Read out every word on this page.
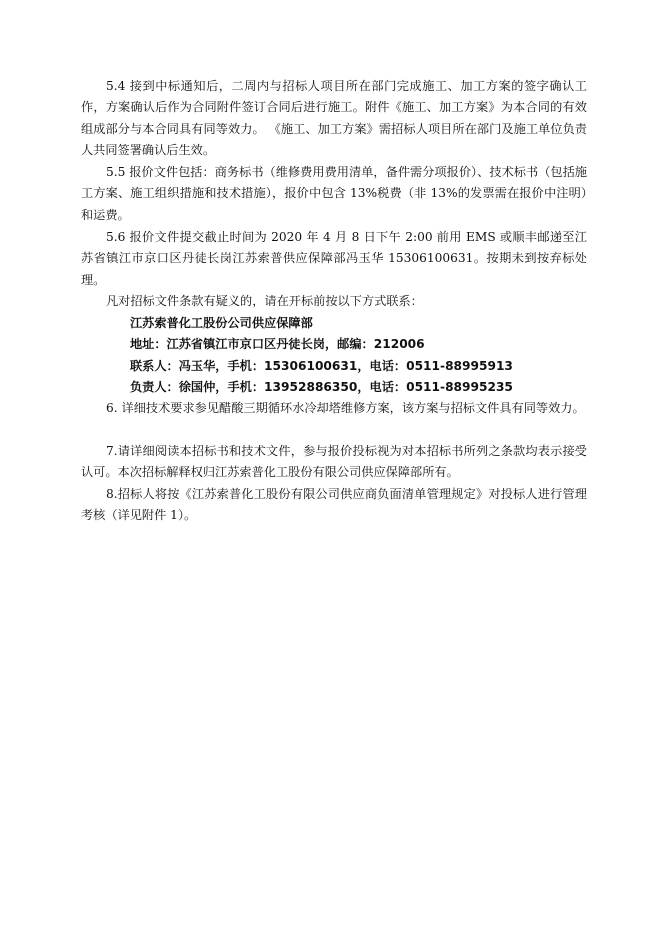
5.4 接到中标通知后，二周内与招标人项目所在部门完成施工、加工方案的签字确认工作，方案确认后作为合同附件签订合同后进行施工。附件《施工、加工方案》为本合同的有效组成部分与本合同具有同等效力。 《施工、加工方案》需招标人项目所在部门及施工单位负责人共同签署确认后生效。

5.5 报价文件包括：商务标书（维修费用费用清单，备件需分项报价）、技术标书（包括施工方案、施工组织措施和技术措施），报价中包含 13%税费（非 13%的发票需在报价中注明）和运费。

5.6 报价文件提交截止时间为 2020 年 4 月 8 日下午 2:00 前用 EMS 或顺丰邮递至江苏省镇江市京口区丹徒长岗江苏索普供应保障部冯玉华 15306100631。按期未到按弃标处理。

凡对招标文件条款有疑义的，请在开标前按以下方式联系：

江苏索普化工股份公司供应保障部

地址：江苏省镇江市京口区丹徒长岗，邮编：212006

联系人：冯玉华，手机：15306100631，电话：0511-88995913

负责人：徐国仲，手机：13952886350，电话：0511-88995235

6. 详细技术要求参见醋酸三期循环水冷却塔维修方案，该方案与招标文件具有同等效力。

7.请详细阅读本招标书和技术文件，参与报价投标视为对本招标书所列之条款均表示接受认可。本次招标解释权归江苏索普化工股份有限公司供应保障部所有。

8.招标人将按《江苏索普化工股份有限公司供应商负面清单管理规定》对投标人进行管理考核（详见附件 1）。
